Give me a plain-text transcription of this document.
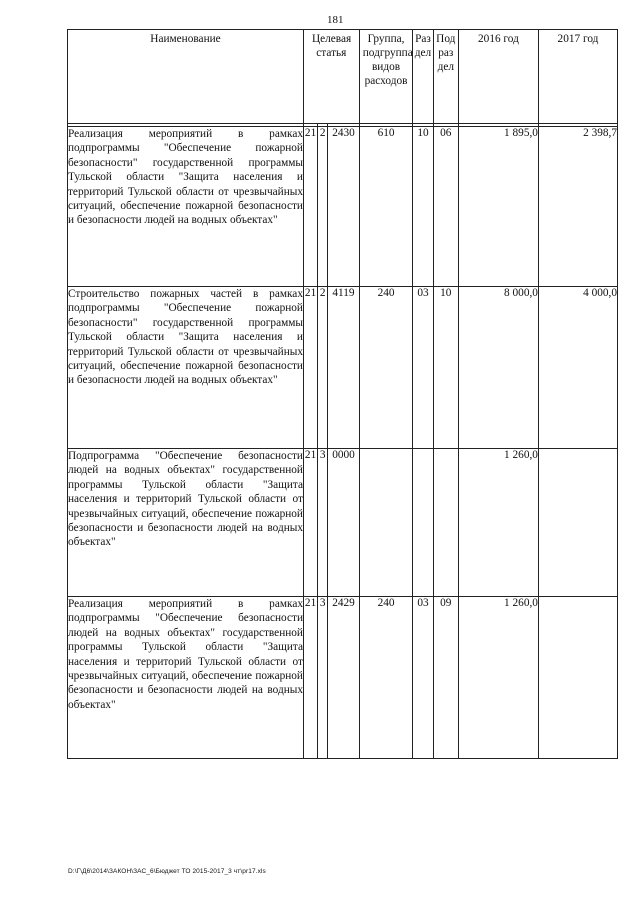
181
Наименование	Целевая статья			Группа, подгруппа видов расходов	Раздел	Подраздел	2016 год	2017 год

Реализация мероприятий в рамках подпрограммы "Обеспечение пожарной безопасности" государственной программы Тульской области "Защита населения и территорий Тульской области от чрезвычайных ситуаций, обеспечение пожарной безопасности и безопасности людей на водных объектах"	21	2	2430	610	10	06	1 895,0	2 398,7
Строительство пожарных частей в рамках подпрограммы "Обеспечение пожарной безопасности" государственной программы Тульской области "Защита населения и территорий Тульской области от чрезвычайных ситуаций, обеспечение пожарной безопасности и безопасности людей на водных объектах"	21	2	4119	240	03	10	8 000,0	4 000,0
Подпрограмма "Обеспечение безопасности людей на водных объектах" государственной программы Тульской области "Защита населения и территорий Тульской области от чрезвычайных ситуаций, обеспечение пожарной безопасности и безопасности людей на водных объектах"	21	3	0000				1 260,0	
Реализация мероприятий в рамках подпрограммы "Обеспечение безопасности людей на водных объектах" государственной программы Тульской области "Защита населения и территорий Тульской области от чрезвычайных ситуаций, обеспечение пожарной безопасности и безопасности людей на водных объектах"	21	3	2429	240	03	09	1 260,0	
D:\Г\Д6\2014\ЗАКОН\ЗАС_6\Бюджет ТО 2015-2017_3 чт\рr17.xls
